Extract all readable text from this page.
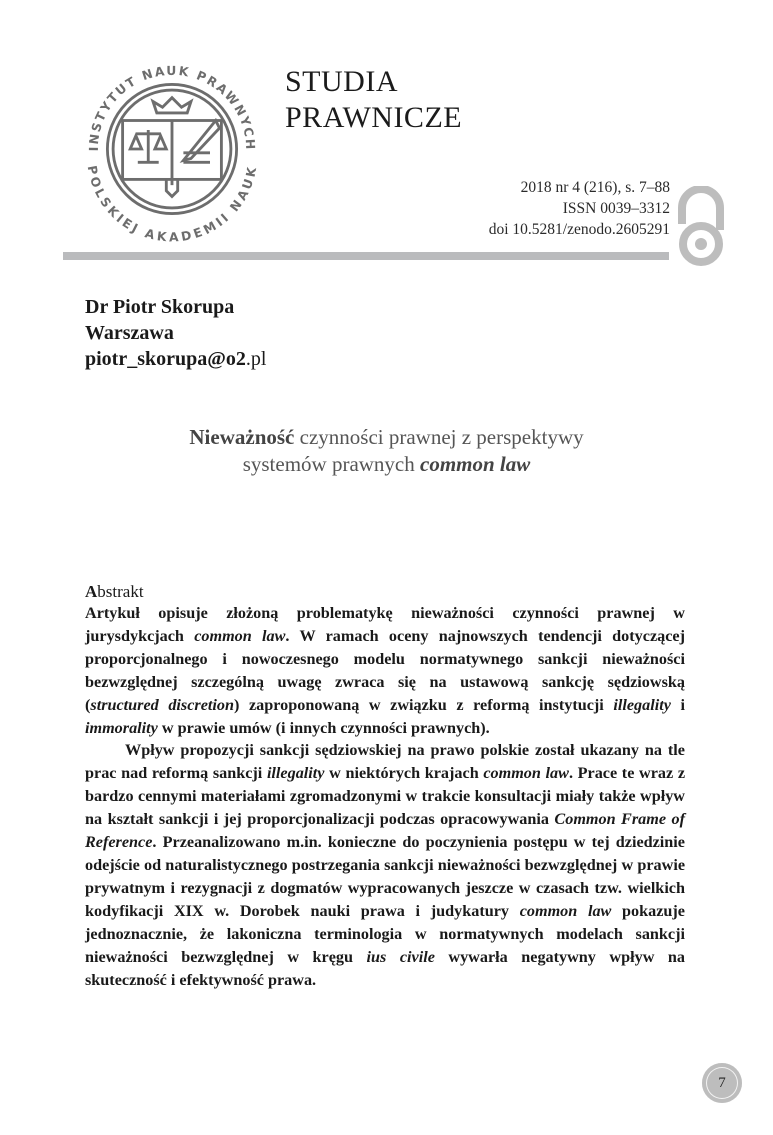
INSTYTUT NAUK PRAWNYCH
POLSKIEJ AKADEMII NAUK
STUDIA
PRAWNICZE
2018 nr 4 (216), s. 7–88
ISSN 0039–3312
doi 10.5281/zenodo.2605291
Dr Piotr Skorupa
Warszawa
piotr_skorupa@o2.pl
Nieważność czynności prawnej z perspektywy
systemów prawnych common law
Abstrakt

Artykuł opisuje złożoną problematykę nieważności czynności prawnej w jurysdykcjach common law. W ramach oceny najnowszych tendencji dotyczącej proporcjonalnego i nowoczesnego modelu normatywnego sankcji nieważności bezwzględnej szczególną uwagę zwraca się na ustawową sankcję sędziowską (structured discretion) zaproponowaną w związku z reformą instytucji illegality i immorality w prawie umów (i innych czynności prawnych).

Wpływ propozycji sankcji sędziowskiej na prawo polskie został ukazany na tle prac nad reformą sankcji illegality w niektórych krajach common law. Prace te wraz z bardzo cennymi materiałami zgromadzonymi w trakcie konsultacji miały także wpływ na kształt sankcji i jej proporcjonalizacji podczas opracowywania Common Frame of Reference. Przeanalizowano m.in. konieczne do poczynienia postępu w tej dziedzinie odejście od naturalistycznego postrzegania sankcji nieważności bezwzględnej w prawie prywatnym i rezygnacji z dogmatów wypracowanych jeszcze w czasach tzw. wielkich kodyfikacji XIX w. Dorobek nauki prawa i judykatury common law pokazuje jednoznacznie, że lakoniczna terminologia w normatywnych modelach sankcji nieważności bezwzględnej w kręgu ius civile wywarła negatywny wpływ na skuteczność i efektywność prawa.

7
